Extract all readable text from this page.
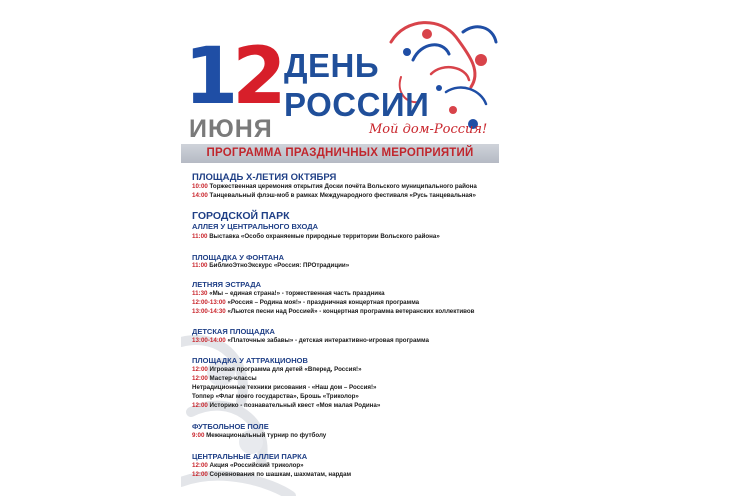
12

ИЮНЯ

ДЕНЬ

РОССИИ

Мой дом-Россия!

ПРОГРАММА ПРАЗДНИЧНЫХ МЕРОПРИЯТИЙ

ПЛОЩАДЬ Х-ЛЕТИЯ ОКТЯБРЯ

10:00 Торжественная церемония открытия Доски почёта Вольского муниципального района

14:00 Танцевальный флэш-моб в рамках Международного фестиваля «Русь танцевальная»

ГОРОДСКОЙ ПАРК

АЛЛЕЯ У ЦЕНТРАЛЬНОГО ВХОДА

11:00 Выставка «Особо охраняемые природные территории Вольского района»

ПЛОЩАДКА У ФОНТАНА

11:00 БиблиоЭтноЭкскурс «Россия: ПРОтрадиции»

ЛЕТНЯЯ ЭСТРАДА

11:30 «Мы – единая страна!» - торжественная часть праздника

12:00-13:00 «Россия – Родина моя!» - праздничная концертная программа

13:00-14:30 «Льются песни над Россией» - концертная программа ветеранских коллективов

ДЕТСКАЯ ПЛОЩАДКА

13:00-14:00 «Платочные забавы» - детская интерактивно-игровая программа

ПЛОЩАДКА У АТТРАКЦИОНОВ

12:00 Игровая программа для детей «Вперед, Россия!»

12:00 Мастер-классы

Нетрадиционные техники рисования - «Наш дом – Россия!»

Топпер «Флаг моего государства», Брошь «Триколор»

12:00 Историко - познавательный квест «Моя малая Родина»

ФУТБОЛЬНОЕ ПОЛЕ

9:00 Межнациональный турнир по футболу

ЦЕНТРАЛЬНЫЕ АЛЛЕИ ПАРКА

12:00 Акция «Российский триколор»

12:00 Соревнования по шашкам, шахматам, нардам
